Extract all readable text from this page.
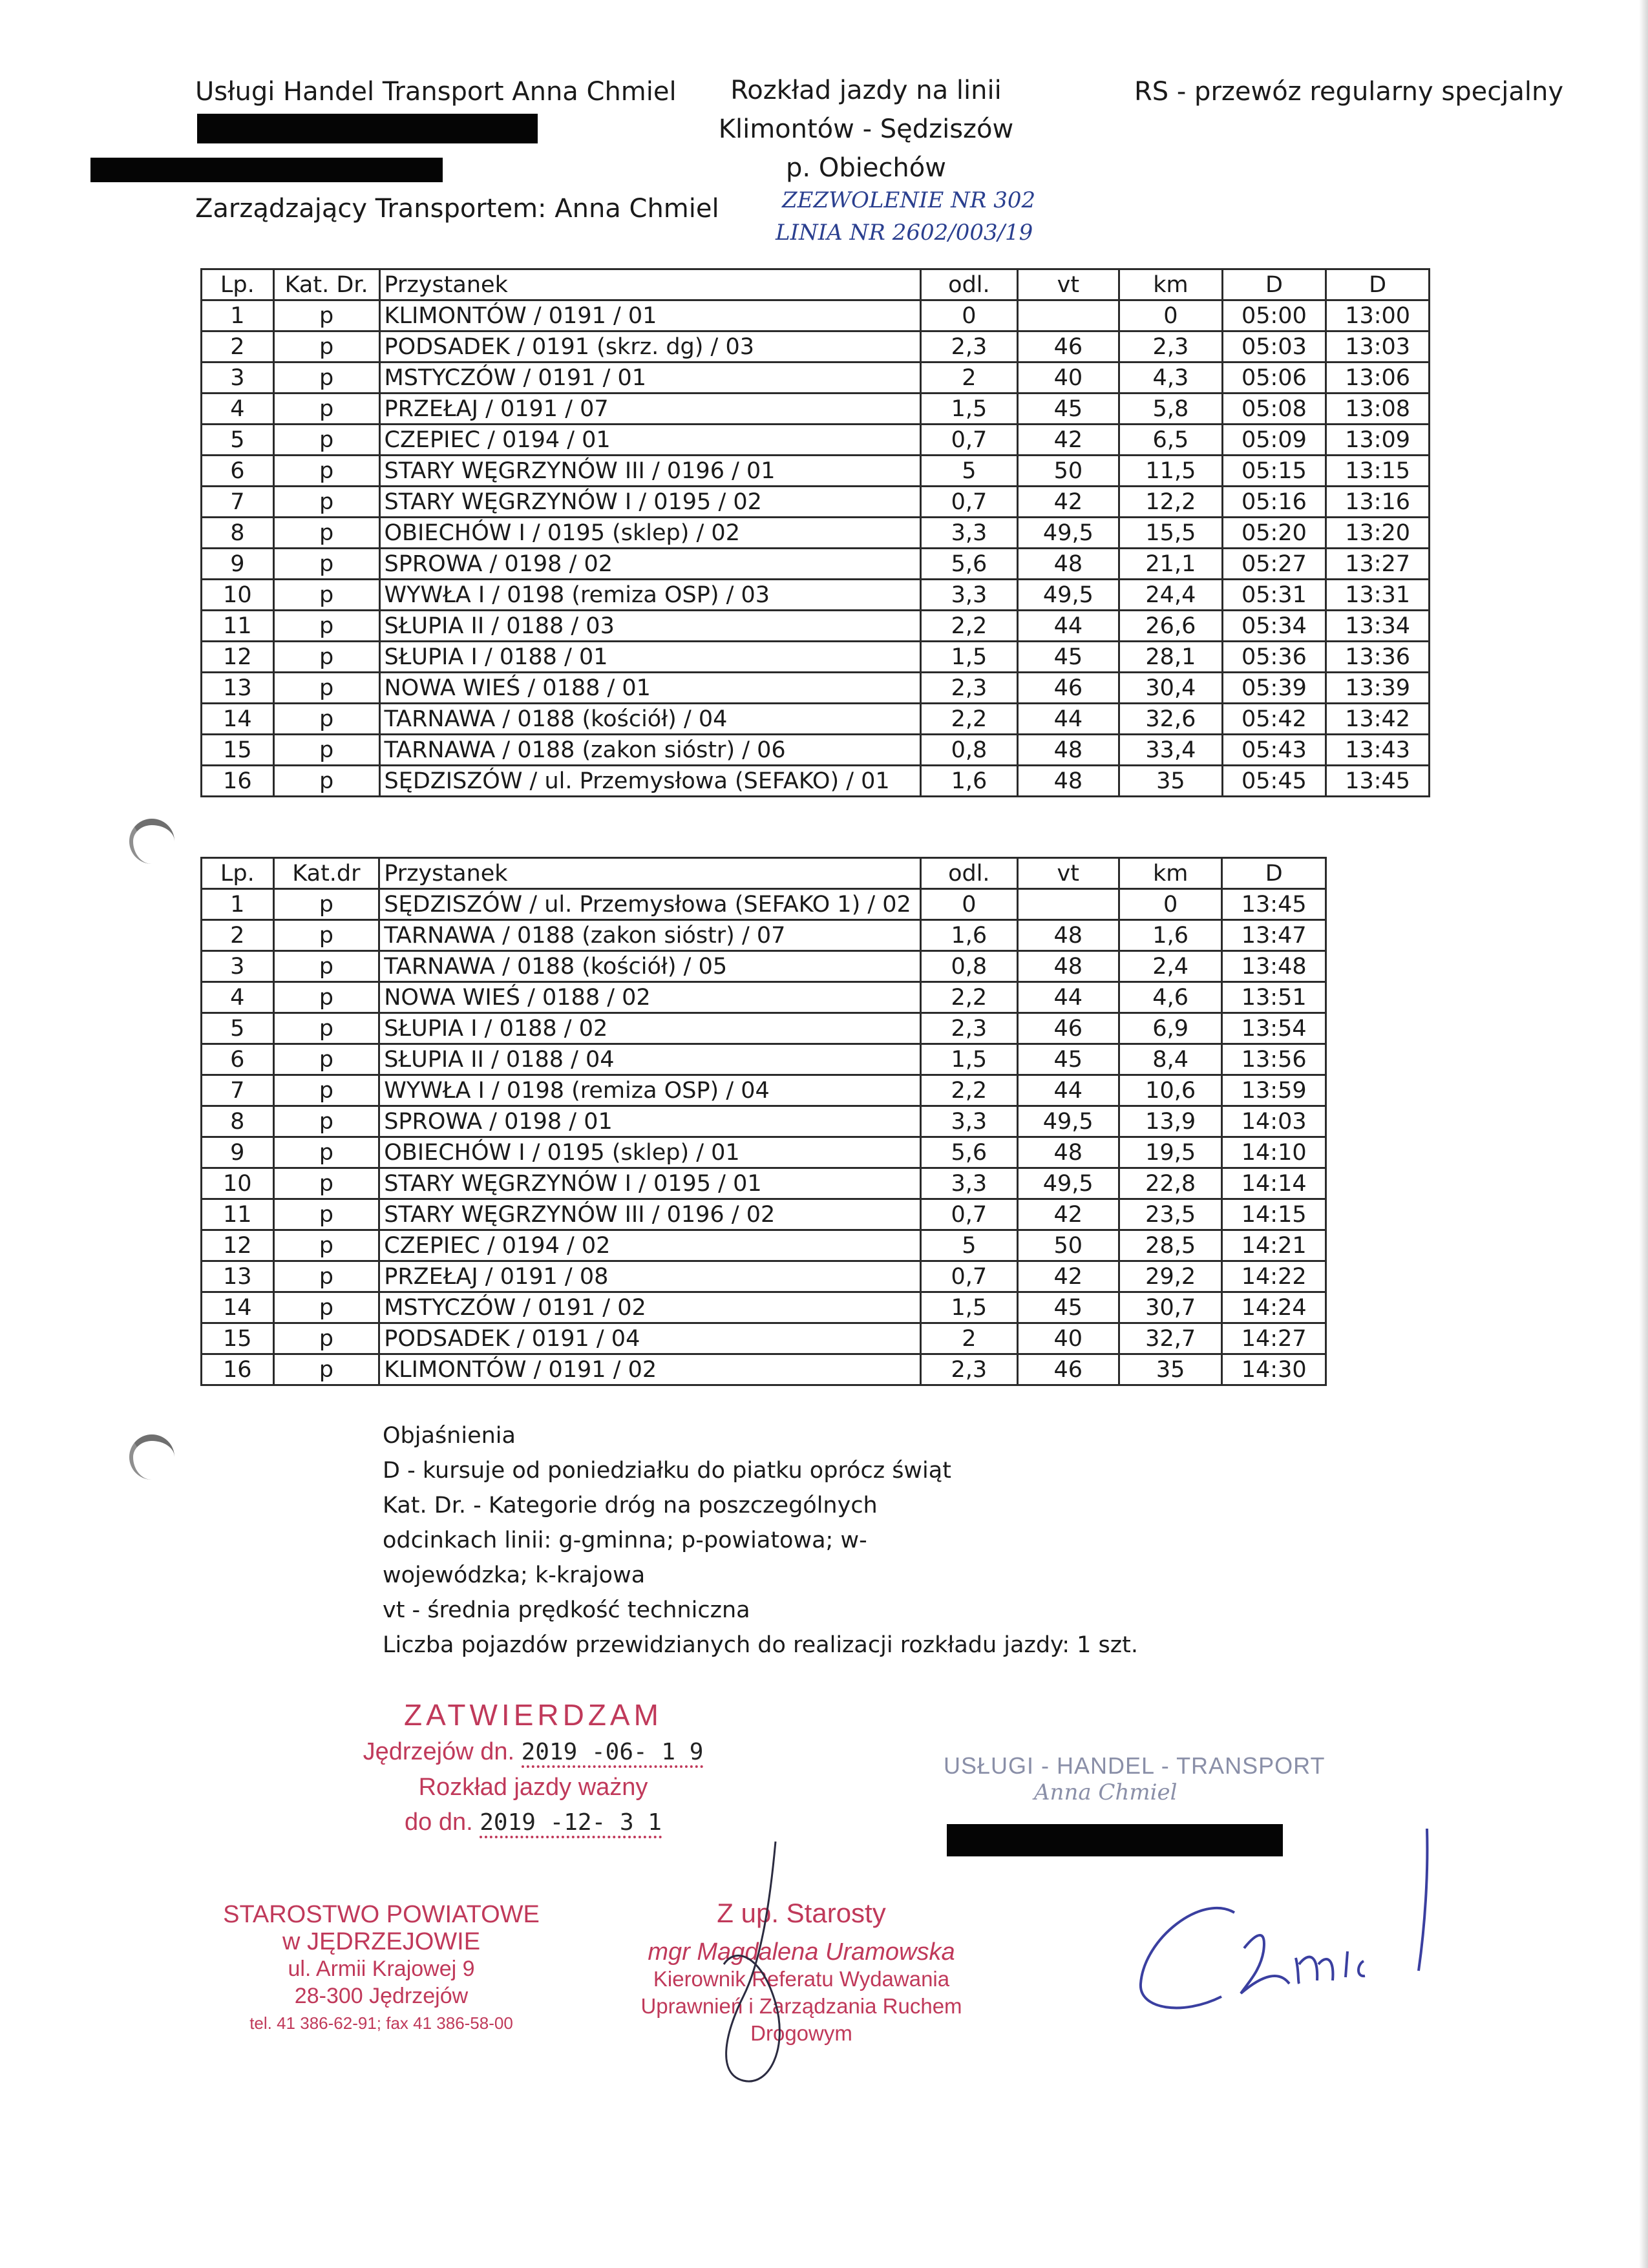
Usługi Handel Transport Anna Chmiel
Zarządzający Transportem: Anna Chmiel
Rozkład jazdy na linii
Klimontów - Sędziszów
p. Obiechów
ZEZWOLENIE NR 302
LINIA NR 2602/003/19
RS - przewóz regularny specjalny
Lp.	Kat. Dr.	Przystanek	odl.	vt	km	D	D
1	p	KLIMONTÓW / 0191 / 01	0		0	05:00	13:00
2	p	PODSADEK / 0191 (skrz. dg) / 03	2,3	46	2,3	05:03	13:03
3	p	MSTYCZÓW / 0191 / 01	2	40	4,3	05:06	13:06
4	p	PRZEŁAJ / 0191 / 07	1,5	45	5,8	05:08	13:08
5	p	CZEPIEC / 0194 / 01	0,7	42	6,5	05:09	13:09
6	p	STARY WĘGRZYNÓW III / 0196 / 01	5	50	11,5	05:15	13:15
7	p	STARY WĘGRZYNÓW I / 0195 / 02	0,7	42	12,2	05:16	13:16
8	p	OBIECHÓW I / 0195 (sklep) / 02	3,3	49,5	15,5	05:20	13:20
9	p	SPROWA / 0198 / 02	5,6	48	21,1	05:27	13:27
10	p	WYWŁA I / 0198 (remiza OSP) / 03	3,3	49,5	24,4	05:31	13:31
11	p	SŁUPIA II / 0188 / 03	2,2	44	26,6	05:34	13:34
12	p	SŁUPIA I / 0188 / 01	1,5	45	28,1	05:36	13:36
13	p	NOWA WIEŚ / 0188 / 01	2,3	46	30,4	05:39	13:39
14	p	TARNAWA / 0188 (kościół) / 04	2,2	44	32,6	05:42	13:42
15	p	TARNAWA / 0188 (zakon sióstr) / 06	0,8	48	33,4	05:43	13:43
16	p	SĘDZISZÓW / ul. Przemysłowa (SEFAKO) / 01	1,6	48	35	05:45	13:45
Lp.	Kat.dr	Przystanek	odl.	vt	km	D
1	p	SĘDZISZÓW / ul. Przemysłowa (SEFAKO 1) / 02	0		0	13:45
2	p	TARNAWA / 0188 (zakon sióstr) / 07	1,6	48	1,6	13:47
3	p	TARNAWA / 0188 (kościół) / 05	0,8	48	2,4	13:48
4	p	NOWA WIEŚ / 0188 / 02	2,2	44	4,6	13:51
5	p	SŁUPIA I / 0188 / 02	2,3	46	6,9	13:54
6	p	SŁUPIA II / 0188 / 04	1,5	45	8,4	13:56
7	p	WYWŁA I / 0198 (remiza OSP) / 04	2,2	44	10,6	13:59
8	p	SPROWA / 0198 / 01	3,3	49,5	13,9	14:03
9	p	OBIECHÓW I / 0195 (sklep) / 01	5,6	48	19,5	14:10
10	p	STARY WĘGRZYNÓW I / 0195 / 01	3,3	49,5	22,8	14:14
11	p	STARY WĘGRZYNÓW III / 0196 / 02	0,7	42	23,5	14:15
12	p	CZEPIEC / 0194 / 02	5	50	28,5	14:21
13	p	PRZEŁAJ / 0191 / 08	0,7	42	29,2	14:22
14	p	MSTYCZÓW / 0191 / 02	1,5	45	30,7	14:24
15	p	PODSADEK / 0191 / 04	2	40	32,7	14:27
16	p	KLIMONTÓW / 0191 / 02	2,3	46	35	14:30
Objaśnienia
D - kursuje od poniedziałku do piatku oprócz świąt
Kat. Dr. - Kategorie dróg na poszczególnych
odcinkach linii: g-gminna; p-powiatowa; w-
wojewódzka; k-krajowa
vt - średnia prędkość techniczna
Liczba pojazdów przewidzianych do realizacji rozkładu jazdy: 1 szt.
ZATWIERDZAM
Jędrzejów dn. 2019 -06- 1 9
Rozkład jazdy ważny
do dn. 2019 -12- 3 1
USŁUGI - HANDEL - TRANSPORT
Anna Chmiel
STAROSTWO POWIATOWE
w JĘDRZEJOWIE
ul. Armii Krajowej 9
28-300 Jędrzejów
tel. 41 386-62-91; fax 41 386-58-00
Z up. Starosty
mgr Magdalena Uramowska
Kierownik Referatu Wydawania
Uprawnień i Zarządzania Ruchem
Drogowym
